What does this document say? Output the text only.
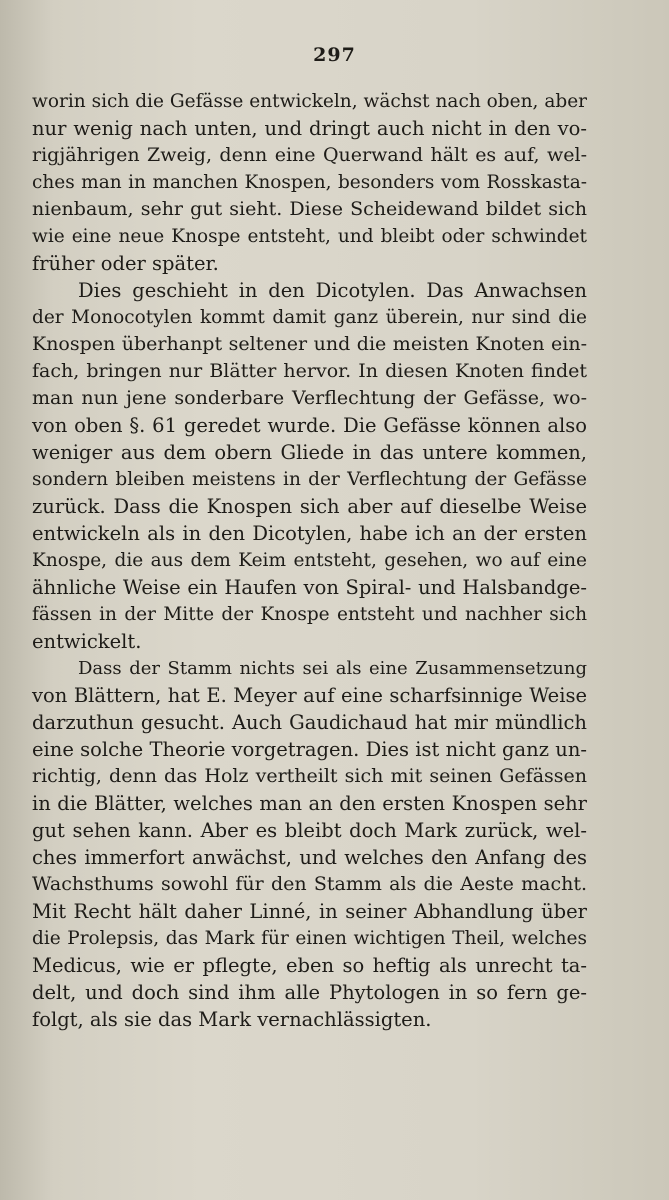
297
worin sich die Gefässe entwickeln, wächst nach oben, aber
nur wenig nach unten, und dringt auch nicht in den vo-
rigjährigen Zweig, denn eine Querwand hält es auf, wel-
ches man in manchen Knospen, besonders vom Rosskasta-
nienbaum, sehr gut sieht. Diese Scheidewand bildet sich
wie eine neue Knospe entsteht, und bleibt oder schwindet
früher oder später.
Dies geschieht in den Dicotylen. Das Anwachsen
der Monocotylen kommt damit ganz überein, nur sind die
Knospen überhanpt seltener und die meisten Knoten ein-
fach, bringen nur Blätter hervor. In diesen Knoten findet
man nun jene sonderbare Verflechtung der Gefässe, wo-
von oben §. 61 geredet wurde. Die Gefässe können also
weniger aus dem obern Gliede in das untere kommen,
sondern bleiben meistens in der Verflechtung der Gefässe
zurück. Dass die Knospen sich aber auf dieselbe Weise
entwickeln als in den Dicotylen, habe ich an der ersten
Knospe, die aus dem Keim entsteht, gesehen, wo auf eine
ähnliche Weise ein Haufen von Spiral- und Halsbandge-
fässen in der Mitte der Knospe entsteht und nachher sich
entwickelt.
Dass der Stamm nichts sei als eine Zusammensetzung
von Blättern, hat E. Meyer auf eine scharfsinnige Weise
darzuthun gesucht. Auch Gaudichaud hat mir mündlich
eine solche Theorie vorgetragen. Dies ist nicht ganz un-
richtig, denn das Holz vertheilt sich mit seinen Gefässen
in die Blätter, welches man an den ersten Knospen sehr
gut sehen kann. Aber es bleibt doch Mark zurück, wel-
ches immerfort anwächst, und welches den Anfang des
Wachsthums sowohl für den Stamm als die Aeste macht.
Mit Recht hält daher Linné, in seiner Abhandlung über
die Prolepsis, das Mark für einen wichtigen Theil, welches
Medicus, wie er pflegte, eben so heftig als unrecht ta-
delt, und doch sind ihm alle Phytologen in so fern ge-
folgt, als sie das Mark vernachlässigten.
